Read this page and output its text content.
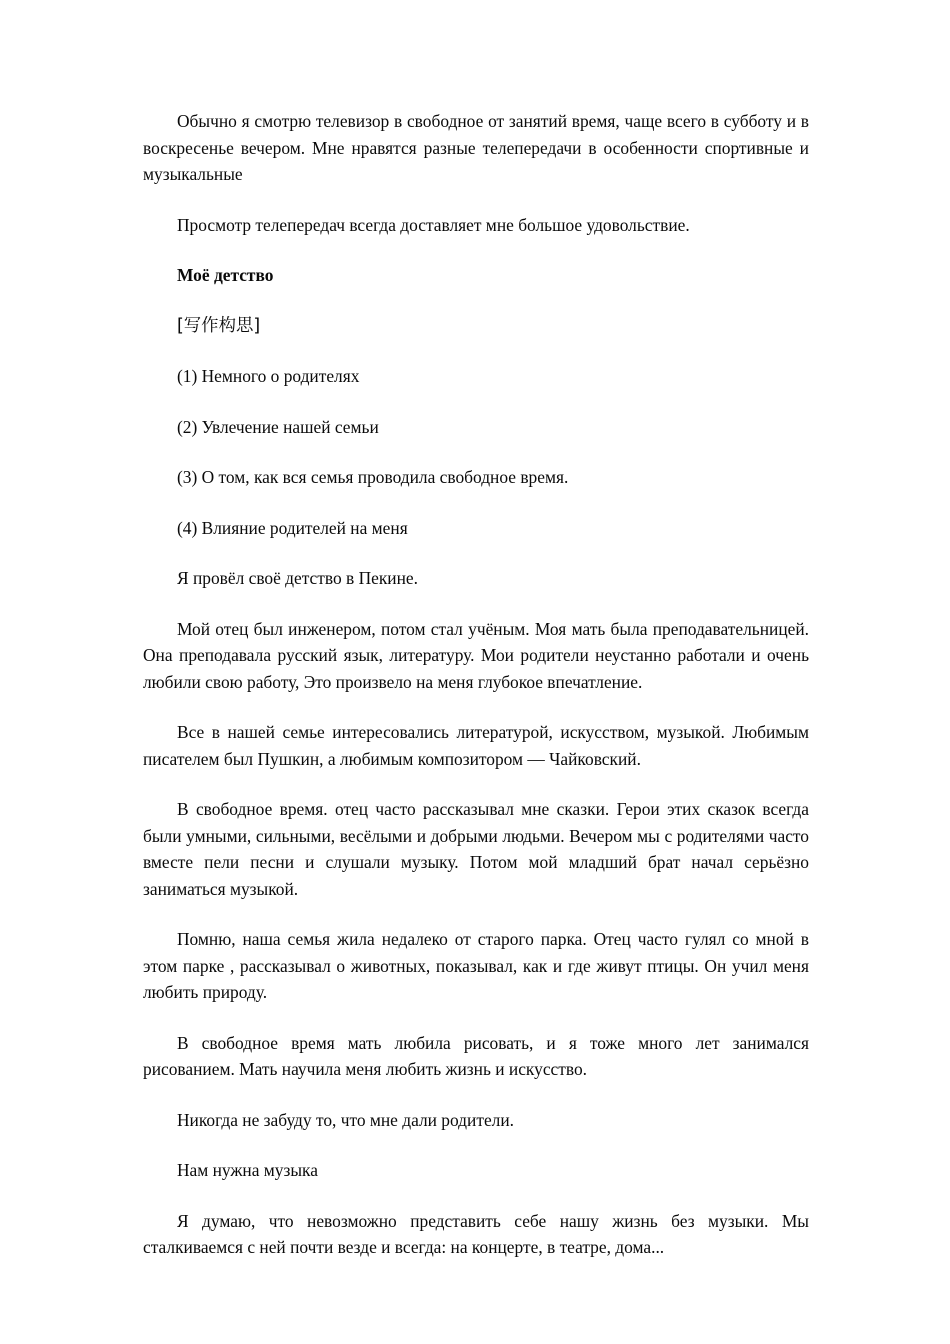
Обычно я смотрю телевизор в свободное от занятий время, чаще всего в субботу и в воскресенье вечером. Мне нравятся разные телепередачи в особенности спортивные и музыкальные

Просмотр телепередач всегда доставляет мне большое удовольствие.

Моё детство

[写作构思]

(1) Немного о родителях

(2) Увлечение нашей семьи

(3) О том, как вся семья проводила свободное время.

(4) Влияние родителей на меня

Я провёл своё детство в Пекине.

Мой отец был инженером, потом стал учёным. Моя мать была преподавательницей. Она преподавала русский язык, литературу. Мои родители неустанно работали и очень любили свою работу, Это произвело на меня глубокое впечатление.

Все в нашей семье интересовались литературой, искусством, музыкой. Любимым писателем был Пушкин, а любимым композитором — Чайковский.

В свободное время. отец часто рассказывал мне сказки. Герои этих сказок всегда были умными, сильными, весёлыми и добрыми людьми. Вечером мы с родителями часто вместе пели песни и слушали музыку. Потом мой младший брат начал серьёзно заниматься музыкой.

Помню, наша семья жила недалеко от старого парка. Отец часто гулял со мной в этом парке , рассказывал о животных, показывал, как и где живут птицы. Он учил меня любить природу.

В свободное время мать любила рисовать, и я тоже много лет занимался рисованием. Мать научила меня любить жизнь и искусство.

Никогда не забуду то, что мне дали родители.

Нам нужна музыка

Я думаю, что невозможно представить себе нашу жизнь без музыки. Мы сталкиваемся с ней почти везде и всегда: на концерте, в театре, дома...
